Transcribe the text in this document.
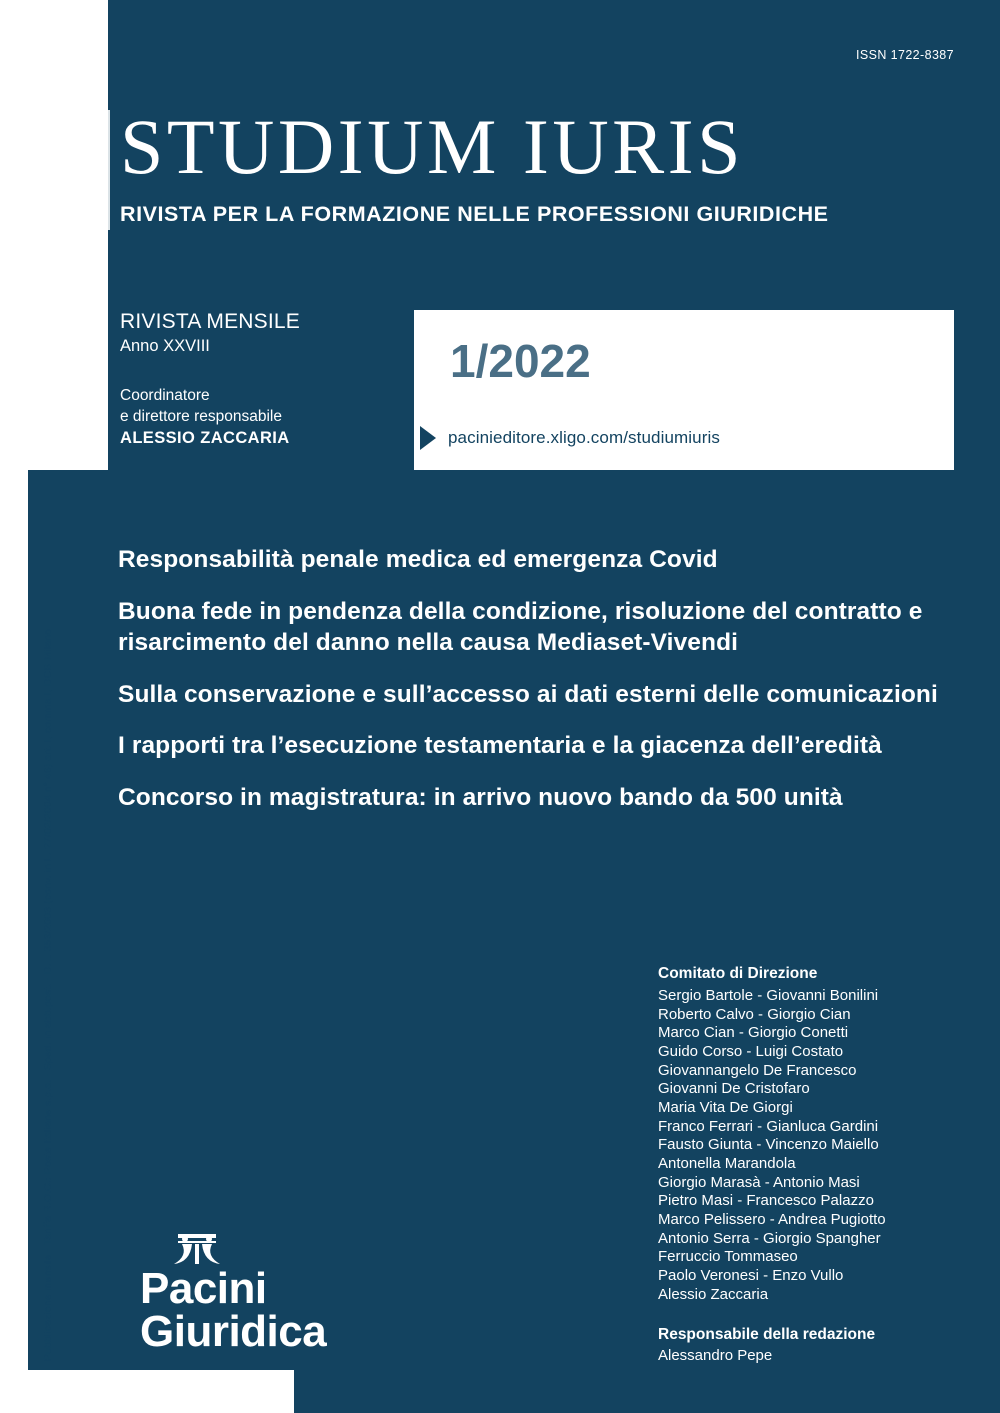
ISSN 1722-8387
STUDIUM IURIS
RIVISTA PER LA FORMAZIONE NELLE PROFESSIONI GIURIDICHE
RIVISTA MENSILE
Anno XXVIII
Coordinatore
e direttore responsabile
ALESSIO ZACCARIA
1/2022
pacinieditore.xligo.com/studiumiuris
Responsabilità penale medica ed emergenza Covid
Buona fede in pendenza della condizione, risoluzione del contratto e risarcimento del danno nella causa Mediaset-Vivendi
Sulla conservazione e sull’accesso ai dati esterni delle comunicazioni
I rapporti tra l’esecuzione testamentaria e la giacenza dell’eredità
Concorso in magistratura: in arrivo nuovo bando da 500 unità
Pubblicazione mensile - Tariffa R.O.C.: Poste Italiane s.p.a. - Sped. in abb.post. - D.L. 353/2003 (conv. in L. 27/02/2004 n° 46) art. I, comma I, DCB Milano	Comitato di Direzione
Sergio Bartole - Giovanni Bonilini
Roberto Calvo - Giorgio Cian
Marco Cian - Giorgio Conetti
Guido Corso - Luigi Costato
Giovannangelo De Francesco
Giovanni De Cristofaro
Maria Vita De Giorgi
Franco Ferrari - Gianluca Gardini
Fausto Giunta - Vincenzo Maiello
Antonella Marandola
Giorgio Marasà - Antonio Masi
Pietro Masi - Francesco Palazzo
Marco Pelissero - Andrea Pugiotto
Antonio Serra - Giorgio Spangher
Ferruccio Tommaseo
Paolo Veronesi - Enzo Vullo
Alessio Zaccaria
Responsabile della redazione
Alessandro Pepe
Pacini
Giuridica
